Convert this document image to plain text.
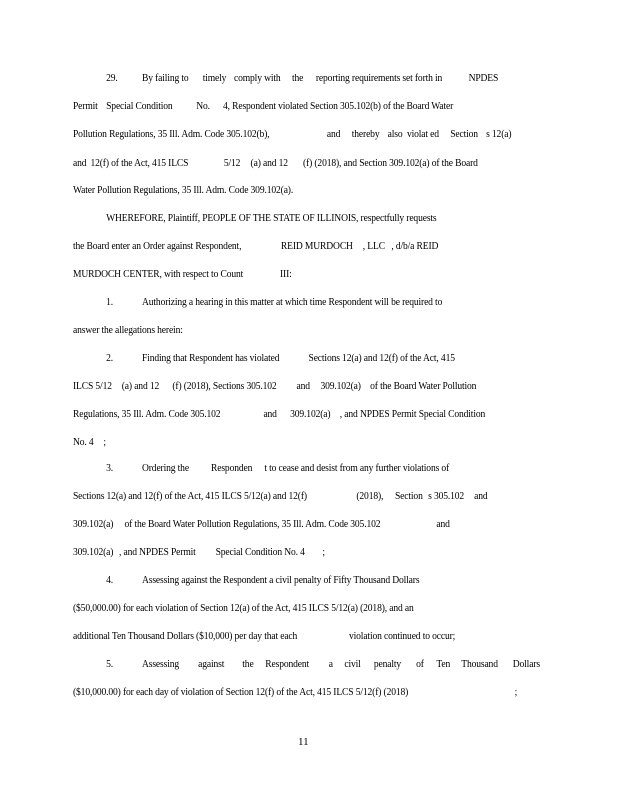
29. By failing to timely comply with the reporting requirements set forth in	NPDES
Permit Special Condition No. 4, Respondent violated Section 305.102(b) of the Board Water
Pollution Regulations, 35 Ill. Adm. Code 305.102(b),	and thereby also violat ed Section s 12(a)
and 12(f) of the Act, 415 ILCS	5/12 (a) and 12 (f) (2018), and Section 309.102(a) of the Board
Water Pollution Regulations, 35 Ill. Adm. Code 309.102(a).
WHEREFORE, Plaintiff, PEOPLE OF THE STATE OF ILLINOIS, respectfully requests
the Board enter an Order against Respondent,	REID MURDOCH , LLC , d/b/a REID
MURDOCH CENTER, with respect to Count	III:
1.	Authorizing a hearing in this matter at which time Respondent will be required to
answer the allegations herein:
2.	Finding that Respondent has violated	Sections 12(a) and 12(f) of the Act, 415
ILCS 5/12 (a) and 12 (f) (2018), Sections 305.102 and 309.102(a) of the Board Water Pollution
Regulations, 35 Ill. Adm. Code 305.102	and 309.102(a) , and NPDES Permit Special Condition
No. 4 ;
3.	Ordering the Responden t to cease and desist from any further violations of
Sections 12(a) and 12(f) of the Act, 415 ILCS 5/12(a) and 12(f)	(2018), Section s 305.102 and
309.102(a) of the Board Water Pollution Regulations, 35 Ill. Adm. Code 305.102	and
309.102(a) , and NPDES Permit Special Condition No. 4 ;
4.	Assessing against the Respondent a civil penalty of Fifty Thousand Dollars
($50,000.00) for each violation of Section 12(a) of the Act, 415 ILCS 5/12(a) (2018), and an
additional Ten Thousand Dollars ($10,000) per day that each	violation continued to occur;
5.	Assessing against the Respondent a civil penalty of Ten Thousand Dollars
($10,000.00) for each day of violation of Section 12(f) of the Act, 415 ILCS 5/12(f) (2018)	;
11
